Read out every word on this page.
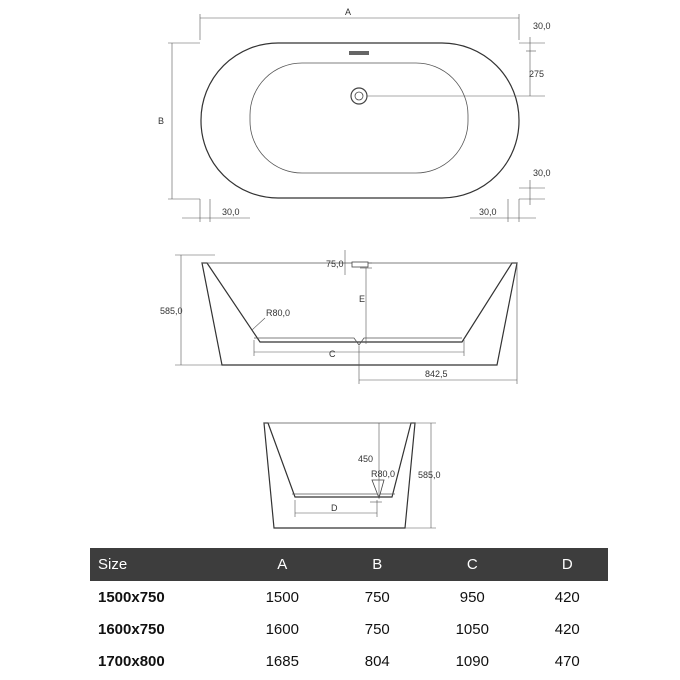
A
B
30,0
275
30,0
30,0	30,0
585,0
75,0
E
R80,0
C
842,5
450
R80,0	585,0
D
Size	A	B	C	D
1500x750	1500	750	950	420
1600x750	1600	750	1050	420
1700x800	1685	804	1090	470
